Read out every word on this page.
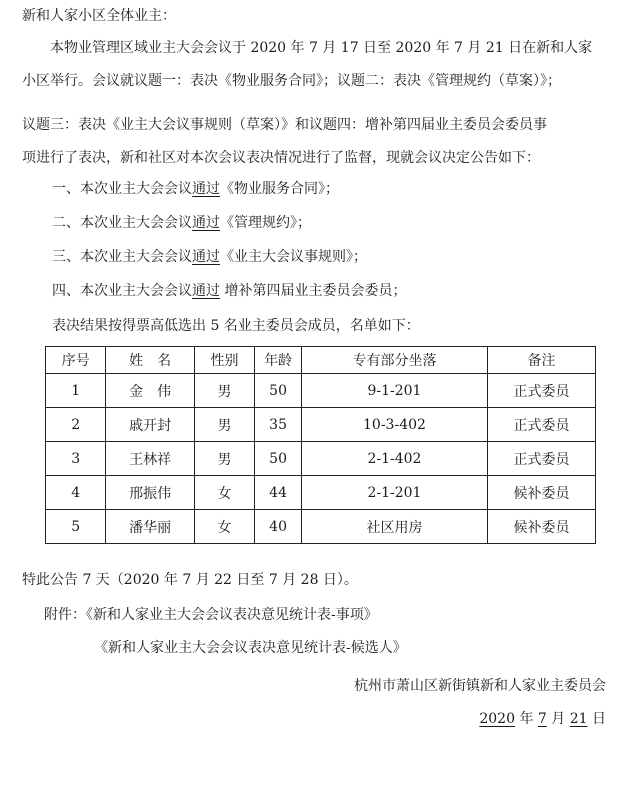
新和人家小区全体业主：
本物业管理区域业主大会会议于 2020 年 7 月 17 日至 2020 年 7 月 21 日在新和人家
小区举行。会议就议题一：表决《物业服务合同》；议题二：表决《管理规约（草案）》；
议题三：表决《业主大会议事规则（草案）》和议题四：增补第四届业主委员会委员事
项进行了表决，新和社区对本次会议表决情况进行了监督，现就会议决定公告如下：
一、本次业主大会会议通过《物业服务合同》；
二、本次业主大会会议通过《管理规约》；
三、本次业主大会会议通过《业主大会议事规则》；
四、本次业主大会会议通过 增补第四届业主委员会委员；
表决结果按得票高低选出 5 名业主委员会成员，名单如下：
序号	姓　名	性别	年龄	专有部分坐落	备注
1	金　伟	男	50	9-1-201	正式委员
2	戚开封	男	35	10-3-402	正式委员
3	王林祥	男	50	2-1-402	正式委员
4	邢振伟	女	44	2-1-201	候补委员
5	潘华丽	女	40	社区用房	候补委员
特此公告 7 天（2020 年 7 月 22 日至 7 月 28 日）。
附件：《新和人家业主大会会议表决意见统计表-事项》
《新和人家业主大会会议表决意见统计表-候选人》
杭州市萧山区新街镇新和人家业主委员会
2020 年 7 月 21 日
